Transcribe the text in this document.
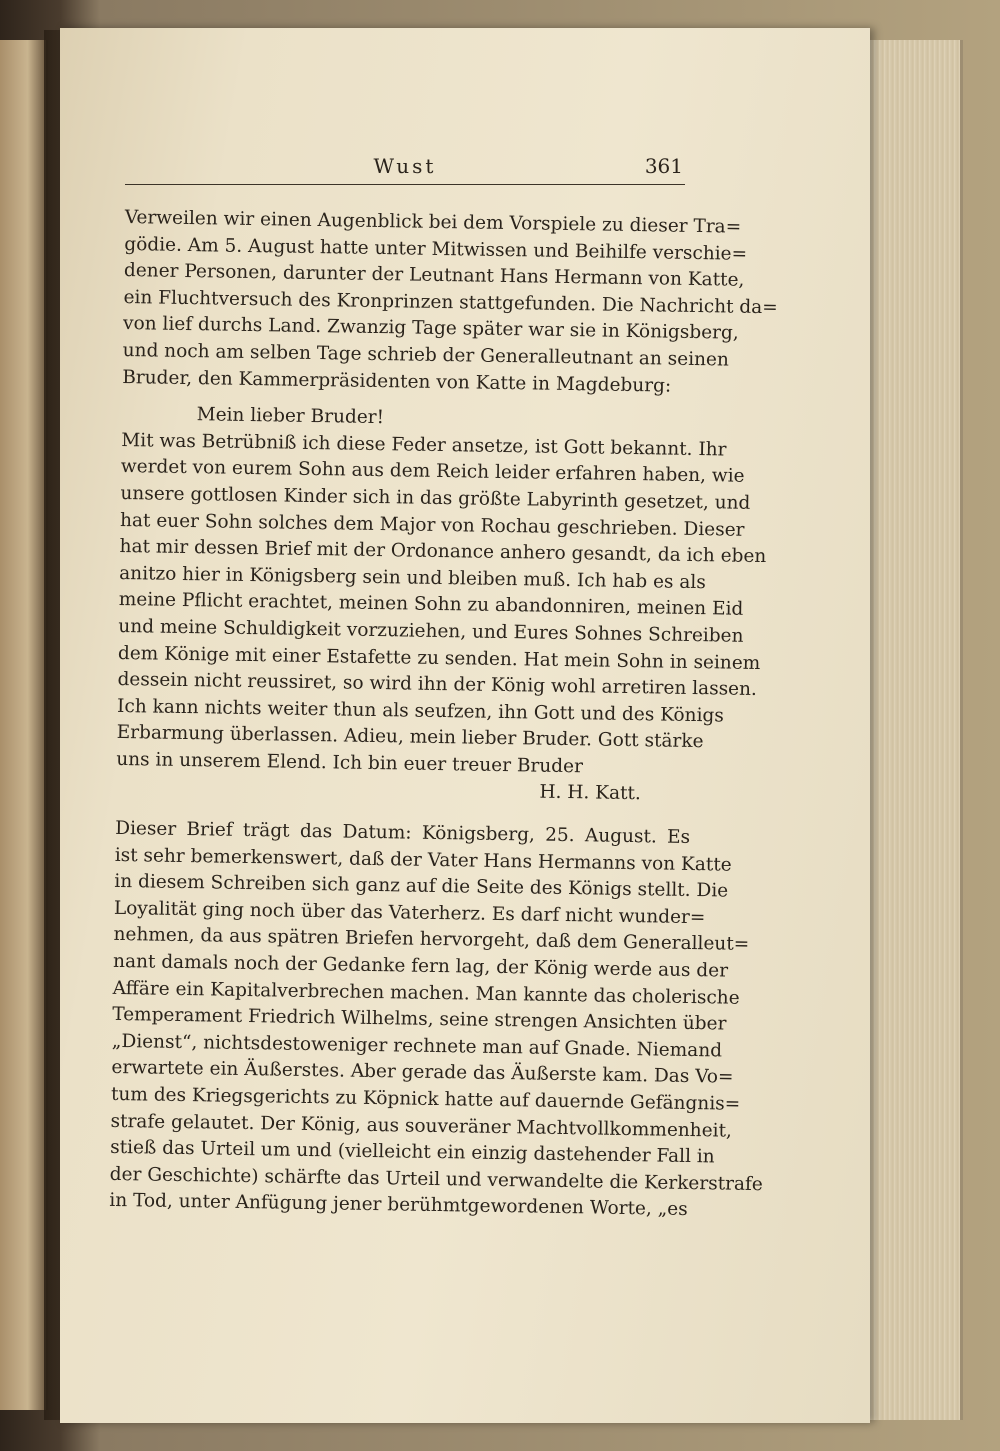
Wust	361
Verweilen wir einen Augenblick bei dem Vorspiele zu dieser Tra=
gödie. Am 5. August hatte unter Mitwissen und Beihilfe verschie=
dener Personen, darunter der Leutnant Hans Hermann von Katte,
ein Fluchtversuch des Kronprinzen stattgefunden. Die Nachricht da=
von lief durchs Land. Zwanzig Tage später war sie in Königsberg,
und noch am selben Tage schrieb der Generalleutnant an seinen
Bruder, den Kammerpräsidenten von Katte in Magdeburg:
Mein lieber Bruder!
Mit was Betrübniß ich diese Feder ansetze, ist Gott bekannt. Ihr
werdet von eurem Sohn aus dem Reich leider erfahren haben, wie
unsere gottlosen Kinder sich in das größte Labyrinth gesetzet, und
hat euer Sohn solches dem Major von Rochau geschrieben. Dieser
hat mir dessen Brief mit der Ordonance anhero gesandt, da ich eben
anitzo hier in Königsberg sein und bleiben muß. Ich hab es als
meine Pflicht erachtet, meinen Sohn zu abandonniren, meinen Eid
und meine Schuldigkeit vorzuziehen, und Eures Sohnes Schreiben
dem Könige mit einer Estafette zu senden. Hat mein Sohn in seinem
dessein nicht reussiret, so wird ihn der König wohl arretiren lassen.
Ich kann nichts weiter thun als seufzen, ihn Gott und des Königs
Erbarmung überlassen. Adieu, mein lieber Bruder. Gott stärke
uns in unserem Elend. Ich bin euer treuer Bruder
H. H. Katt.
Dieser Brief trägt das Datum: Königsberg, 25. August. Es
ist sehr bemerkenswert, daß der Vater Hans Hermanns von Katte
in diesem Schreiben sich ganz auf die Seite des Königs stellt. Die
Loyalität ging noch über das Vaterherz. Es darf nicht wunder=
nehmen, da aus spätren Briefen hervorgeht, daß dem Generalleut=
nant damals noch der Gedanke fern lag, der König werde aus der
Affäre ein Kapitalverbrechen machen. Man kannte das cholerische
Temperament Friedrich Wilhelms, seine strengen Ansichten über
„Dienst“, nichtsdestoweniger rechnete man auf Gnade. Niemand
erwartete ein Äußerstes. Aber gerade das Äußerste kam. Das Vo=
tum des Kriegsgerichts zu Köpnick hatte auf dauernde Gefängnis=
strafe gelautet. Der König, aus souveräner Machtvollkommenheit,
stieß das Urteil um und (vielleicht ein einzig dastehender Fall in
der Geschichte) schärfte das Urteil und verwandelte die Kerkerstrafe
in Tod, unter Anfügung jener berühmtgewordenen Worte, „es
